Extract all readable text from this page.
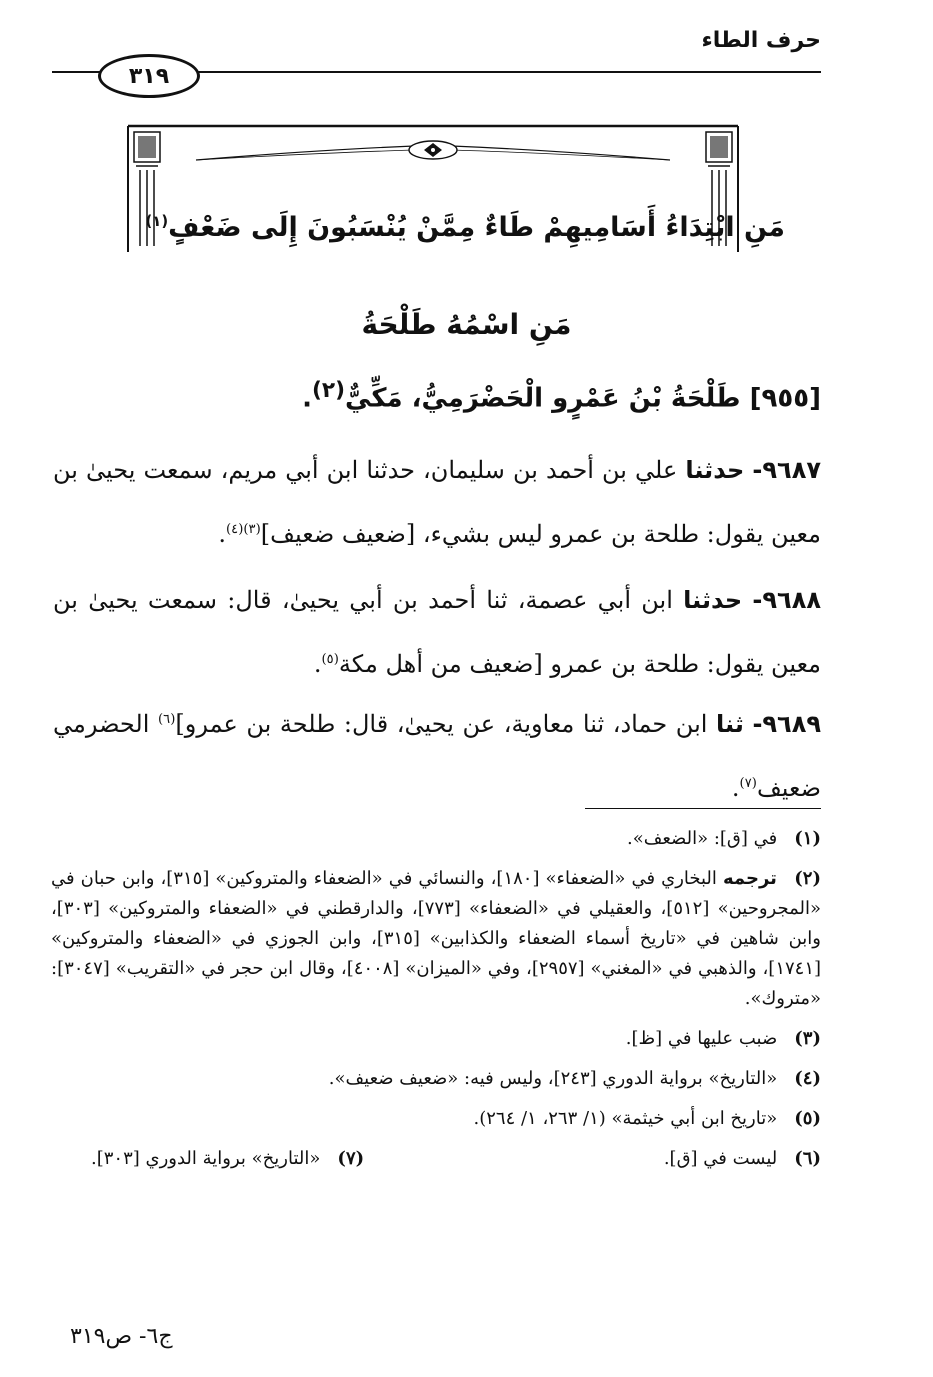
حرف الطاء
٣١٩
مَنِ ابْتِدَاءُ أَسَامِيهِمْ طَاءٌ مِمَّنْ يُنْسَبُونَ إِلَى ضَعْفٍ$^{(١)}$
مَنِ اسْمُهُ طَلْحَةُ
[٩٥٥] طَلْحَةُ بْنُ عَمْرٍو الْحَضْرَمِيُّ، مَكِّيٌّ$^{(٢)}$.
٩٦٨٧- حدثنا علي بن أحمد بن سليمان، حدثنا ابن أبي مريم، سمعت يحيىٰ بن معين يقول: طلحة بن عمرو ليس بشيء، [ضعيف ضعيف]$^{(٣)(٤)}$.
٩٦٨٨- حدثنا ابن أبي عصمة، ثنا أحمد بن أبي يحيىٰ، قال: سمعت يحيىٰ بن معين يقول: طلحة بن عمرو [ضعيف من أهل مكة$^{(٥)}$.
٩٦٨٩- ثنا ابن حماد، ثنا معاوية، عن يحيىٰ، قال: طلحة بن عمرو]$^{(٦)}$ الحضرمي ضعيف$^{(٧)}$.
(١) في [ق]: «الضعف».
(٢) ترجمه البخاري في «الضعفاء» [١٨٠]، والنسائي في «الضعفاء والمتروكين» [٣١٥]، وابن حبان في «المجروحين» [٥١٢]، والعقيلي في «الضعفاء» [٧٧٣]، والدارقطني في «الضعفاء والمتروكين» [٣٠٣]، وابن شاهين في «تاريخ أسماء الضعفاء والكذابين» [٣١٥]، وابن الجوزي في «الضعفاء والمتروكين» [١٧٤١]، والذهبي في «المغني» [٢٩٥٧]، وفي «الميزان» [٤٠٠٨]، وقال ابن حجر في «التقريب» [٣٠٤٧]: «متروك».
(٣) ضبب عليها في [ظ].
(٤) «التاريخ» برواية الدوري [٢٤٣]، وليس فيه: «ضعيف ضعيف».
(٥) «تاريخ ابن أبي خيثمة» (١/ ٢٦٣، ١/ ٢٦٤).
(٦) ليست في [ق].
(٧) «التاريخ» برواية الدوري [٣٠٣].
ج٦- ص٣١٩
